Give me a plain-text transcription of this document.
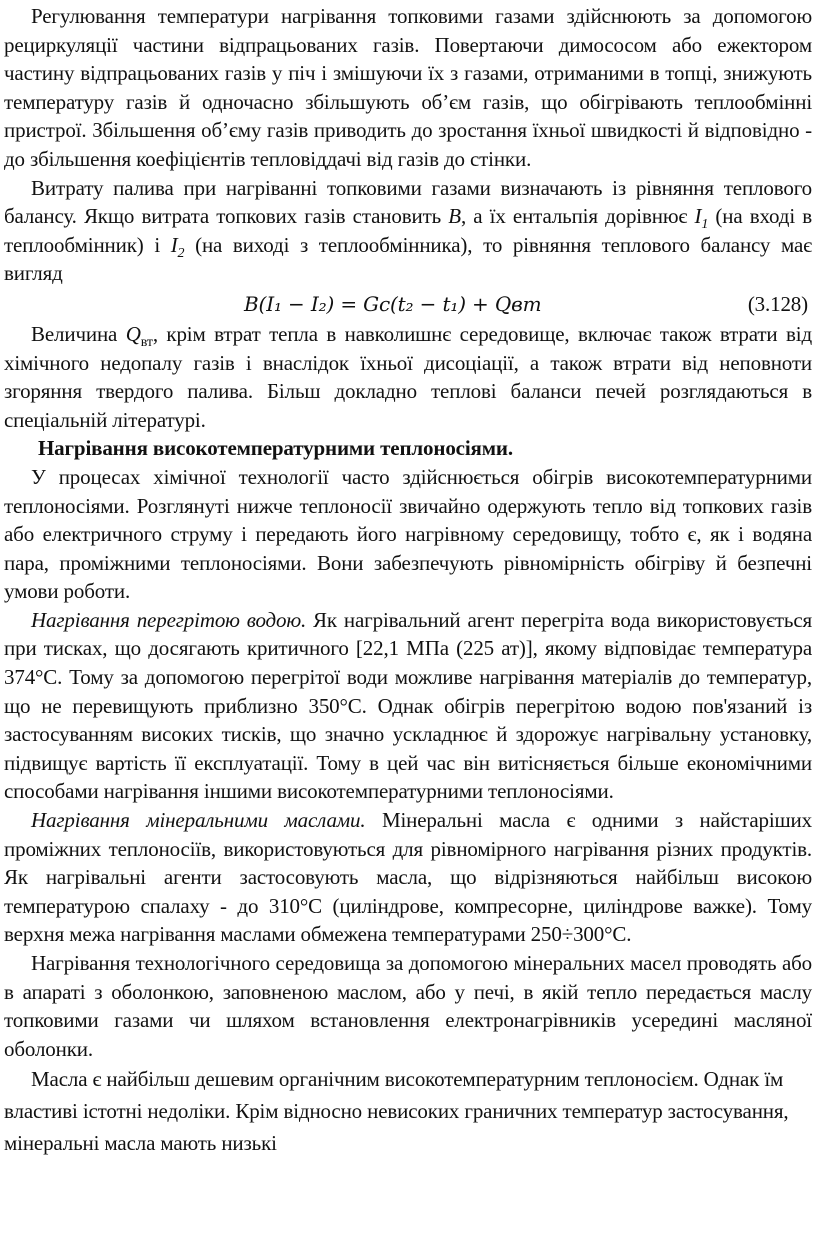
Регулювання температури нагрівання топковими газами здійснюють за допомогою рециркуляції частини відпрацьованих газів. Повертаючи димососом або ежектором частину відпрацьованих газів у піч і змішуючи їх з газами, отриманими в топці, знижують температуру газів й одночасно збільшують об’єм газів, що обігрівають теплообмінні пристрої. Збільшення об’єму газів приводить до зростання їхньої швидкості й відповідно - до збільшення коефіцієнтів тепловіддачі від газів до стінки.

Витрату палива при нагріванні топковими газами визначають із рівняння теплового балансу. Якщо витрата топкових газів становить B, а їх ентальпія дорівнює $I_1$ (на вході в теплообмінник) і $I_2$ (на виході з теплообмінника), то рівняння теплового балансу має вигляд

B(I₁ − I₂) = Gc(t₂ − t₁) + Qвт	(3.128)

Величина $Q_{вт}$, крім втрат тепла в навколишнє середовище, включає також втрати від хімічного недопалу газів і внаслідок їхньої дисоціації, а також втрати від неповноти згоряння твердого палива. Більш докладно теплові баланси печей розглядаються в спеціальній літературі.

Нагрівання високотемпературними теплоносіями.

У процесах хімічної технології часто здійснюється обігрів високотемпературними теплоносіями. Розглянуті нижче теплоносії звичайно одержують тепло від топкових газів або електричного струму і передають його нагрівному середовищу, тобто є, як і водяна пара, проміжними теплоносіями. Вони забезпечують рівномірність обігріву й безпечні умови роботи.

Нагрівання перегрітою водою. Як нагрівальний агент перегріта вода використовується при тисках, що досягають критичного [22,1 МПа (225 ат)], якому відповідає температура 374°С. Тому за допомогою перегрітої води можливе нагрівання матеріалів до температур, що не перевищують приблизно 350°С. Однак обігрів перегрітою водою пов'язаний із застосуванням високих тисків, що значно ускладнює й здорожує нагрівальну установку, підвищує вартість її експлуатації. Тому в цей час він витісняється більше економічними способами нагрівання іншими високотемпературними теплоносіями.

Нагрівання мінеральними маслами. Мінеральні масла є одними з найстаріших проміжних теплоносіїв, використовуються для рівномірного нагрівання різних продуктів. Як нагрівальні агенти застосовують масла, що відрізняються найбільш високою температурою спалаху - до 310°С (циліндрове, компресорне, циліндрове важке). Тому верхня межа нагрівання маслами обмежена температурами 250÷300°С.

Нагрівання технологічного середовища за допомогою мінеральних масел проводять або в апараті з оболонкою, заповненою маслом, або у печі, в якій тепло передається маслу топковими газами чи шляхом встановлення електронагрівників усередині масляної оболонки.

Масла є найбільш дешевим органічним високотемпературним теплоносієм. Однак їм властиві істотні недоліки. Крім відносно невисоких граничних температур застосування, мінеральні масла мають низькі
